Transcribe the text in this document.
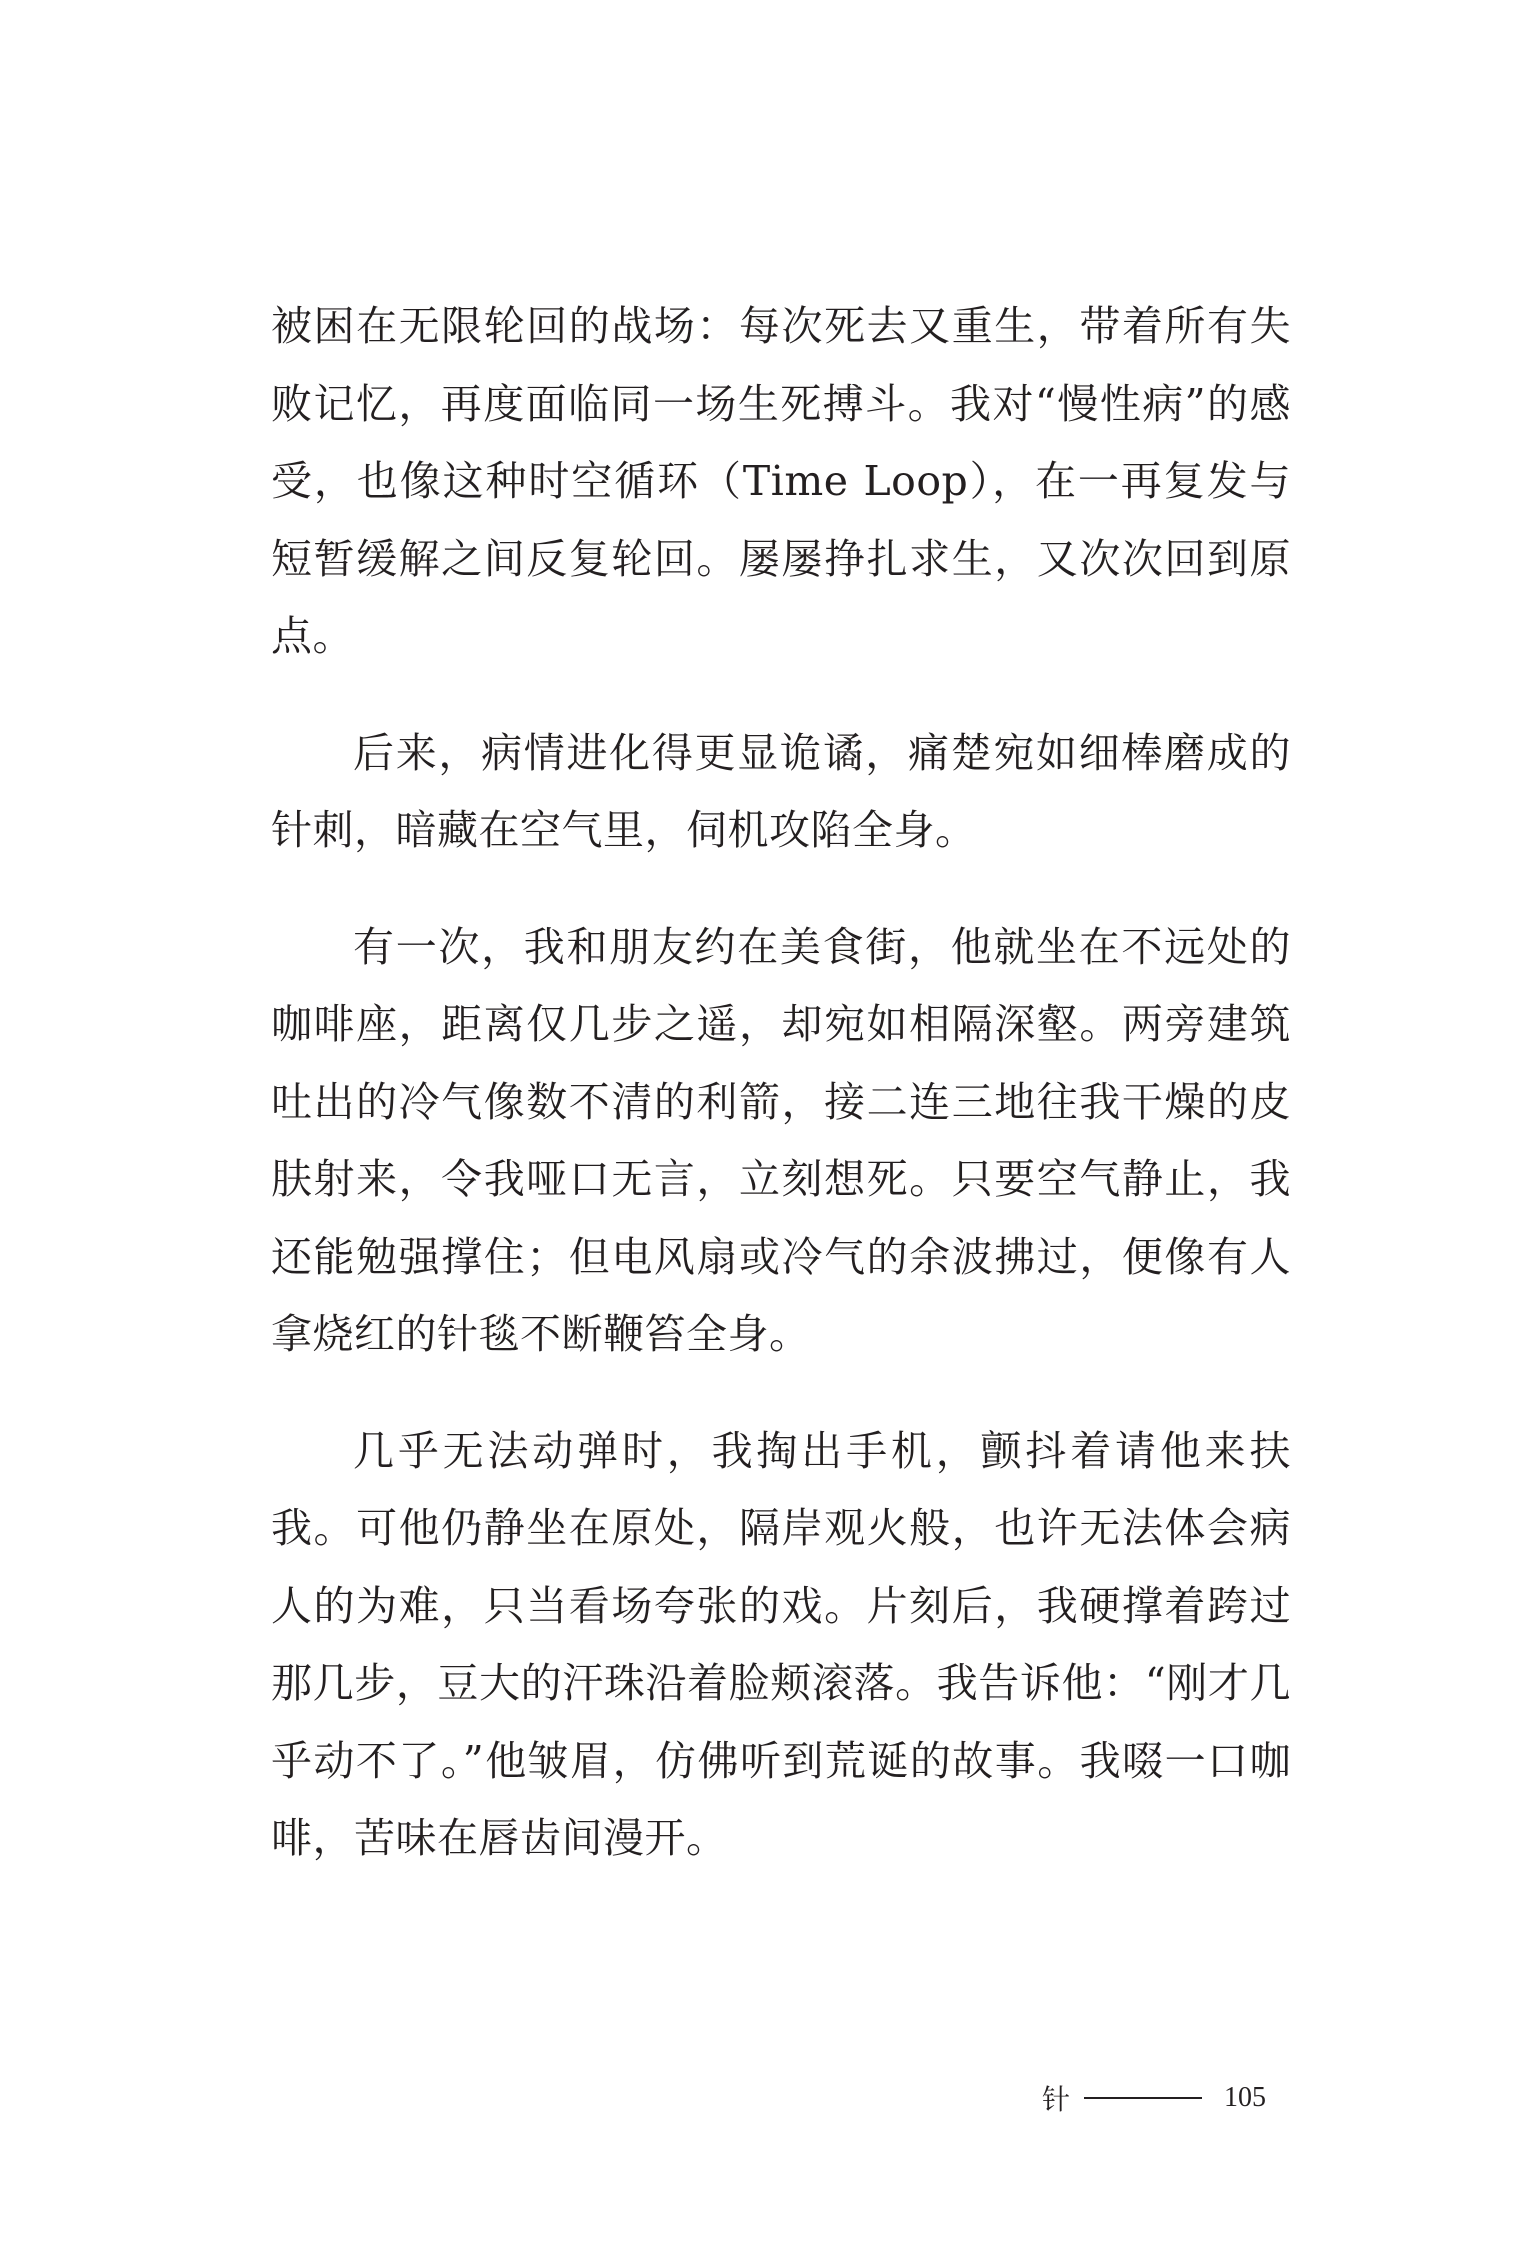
被困在无限轮回的战场：每次死去又重生，带着所有失败记忆，再度面临同一场生死搏斗。我对“慢性病”的感受，也像这种时空循环（Time Loop），在一再复发与短暂缓解之间反复轮回。屡屡挣扎求生，又次次回到原点。

后来，病情进化得更显诡谲，痛楚宛如细棒磨成的针刺，暗藏在空气里，伺机攻陷全身。

有一次，我和朋友约在美食街，他就坐在不远处的咖啡座，距离仅几步之遥，却宛如相隔深壑。两旁建筑吐出的冷气像数不清的利箭，接二连三地往我干燥的皮肤射来，令我哑口无言，立刻想死。只要空气静止，我还能勉强撑住；但电风扇或冷气的余波拂过，便像有人拿烧红的针毯不断鞭笞全身。

几乎无法动弹时，我掏出手机，颤抖着请他来扶我。可他仍静坐在原处，隔岸观火般，也许无法体会病人的为难，只当看场夸张的戏。片刻后，我硬撑着跨过那几步，豆大的汗珠沿着脸颊滚落。我告诉他：“刚才几乎动不了。”他皱眉，仿佛听到荒诞的故事。我啜一口咖啡，苦味在唇齿间漫开。

针	105
